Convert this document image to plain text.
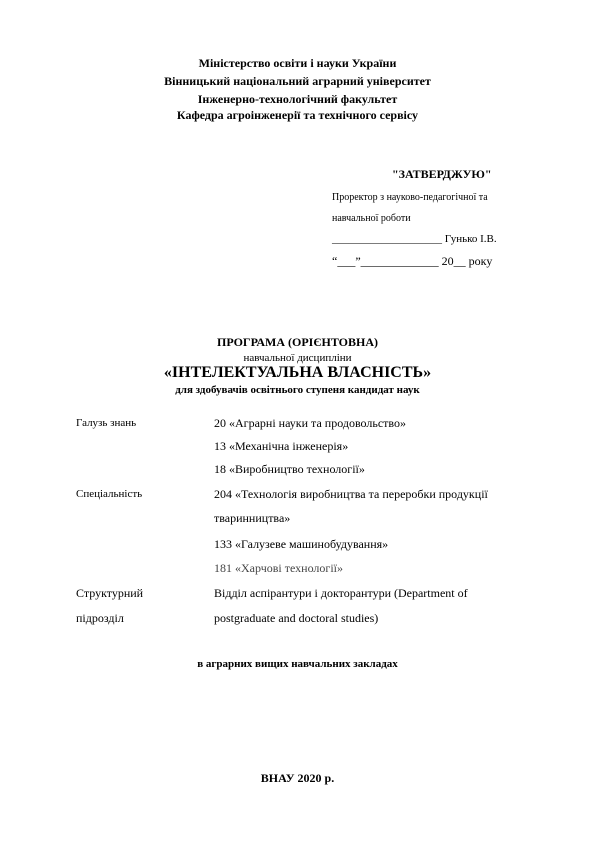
Міністерство освіти і науки України
Вінницький національний аграрний університет
Інженерно-технологічний факультет
Кафедра агроінженерії та технічного сервісу
"ЗАТВЕРДЖУЮ"
Проректор з науково-педагогічної та
навчальної роботи
____________________ Гунько І.В.
“___”_____________ 20__ року
ПРОГРАМА (ОРІЄНТОВНА)
навчальної дисципліни
«ІНТЕЛЕКТУАЛЬНА ВЛАСНІСТЬ»
для здобувачів освітнього ступеня кандидат наук
Галузь знань	20 «Аграрні науки та продовольство»
13 «Механічна інженерія»
18 «Виробництво технології»
Спеціальність	204 «Технологія виробництва та переробки продукції
тваринництва»
133 «Галузеве машинобудування»
181 «Харчові технології»
Структурний
підрозділ
Відділ аспірантури і докторантури (Department of
postgraduate and doctoral studies)
в аграрних вищих навчальних закладах
ВНАУ 2020 р.
